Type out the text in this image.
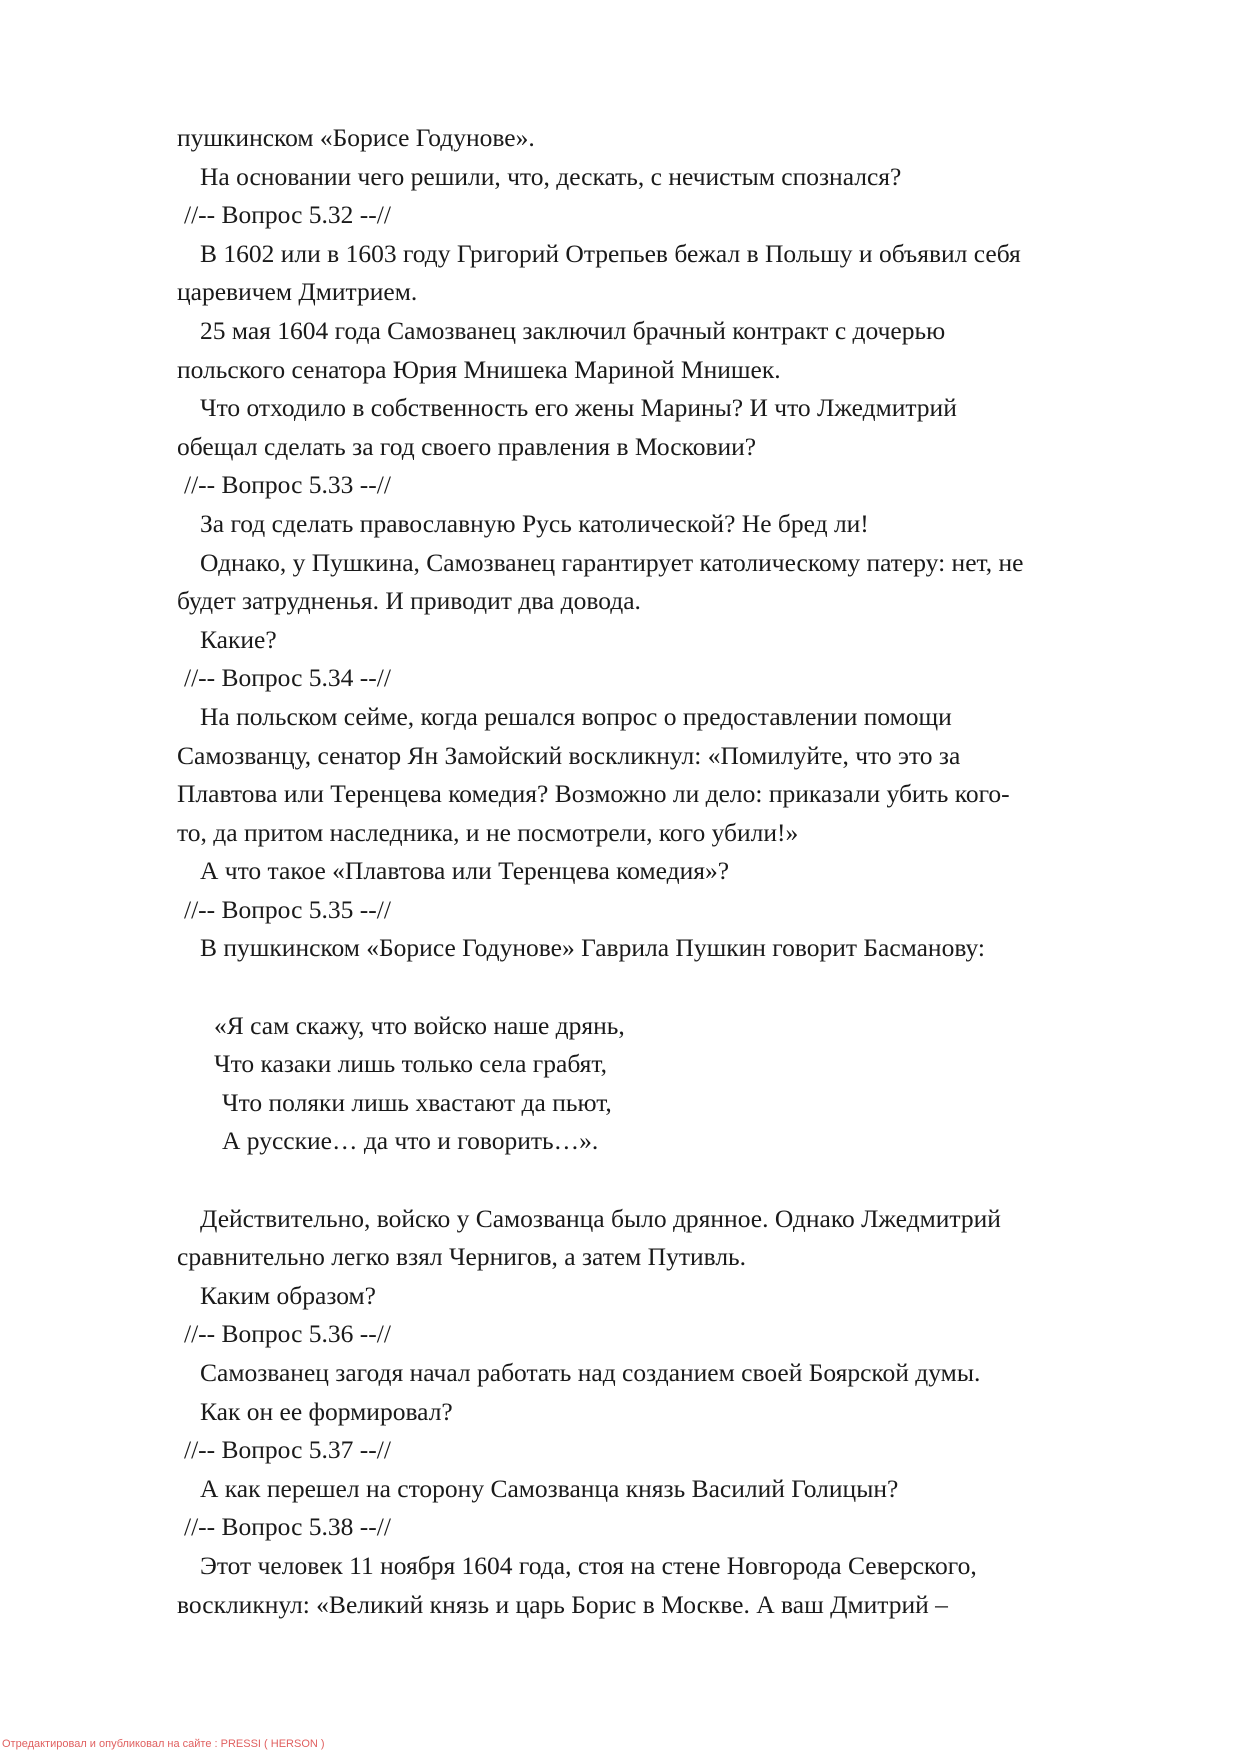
пушкинском «Борисе Годунове».
На основании чего решили, что, дескать, с нечистым спознался?
//-- Вопрос 5.32 --//
В 1602 или в 1603 году Григорий Отрепьев бежал в Польшу и объявил себя
царевичем Дмитрием.
25 мая 1604 года Самозванец заключил брачный контракт с дочерью
польского сенатора Юрия Мнишека Мариной Мнишек.
Что отходило в собственность его жены Марины? И что Лжедмитрий
обещал сделать за год своего правления в Московии?
//-- Вопрос 5.33 --//
За год сделать православную Русь католической? Не бред ли!
Однако, у Пушкина, Самозванец гарантирует католическому патеру: нет, не
будет затрудненья. И приводит два довода.
Какие?
//-- Вопрос 5.34 --//
На польском сейме, когда решался вопрос о предоставлении помощи
Самозванцу, сенатор Ян Замойский воскликнул: «Помилуйте, что это за
Плавтова или Теренцева комедия? Возможно ли дело: приказали убить кого-
то, да притом наследника, и не посмотрели, кого убили!»
А что такое «Плавтова или Теренцева комедия»?
//-- Вопрос 5.35 --//
В пушкинском «Борисе Годунове» Гаврила Пушкин говорит Басманову:
«Я сам скажу, что войско наше дрянь,
Что казаки лишь только села грабят,
Что поляки лишь хвастают да пьют,
А русские… да что и говорить…».
Действительно, войско у Самозванца было дрянное. Однако Лжедмитрий
сравнительно легко взял Чернигов, а затем Путивль.
Каким образом?
//-- Вопрос 5.36 --//
Самозванец загодя начал работать над созданием своей Боярской думы.
Как он ее формировал?
//-- Вопрос 5.37 --//
А как перешел на сторону Самозванца князь Василий Голицын?
//-- Вопрос 5.38 --//
Этот человек 11 ноября 1604 года, стоя на стене Новгорода Северского,
воскликнул: «Великий князь и царь Борис в Москве. А ваш Дмитрий –
Отредактировал и опубликовал на сайте : PRESSI ( HERSON )
